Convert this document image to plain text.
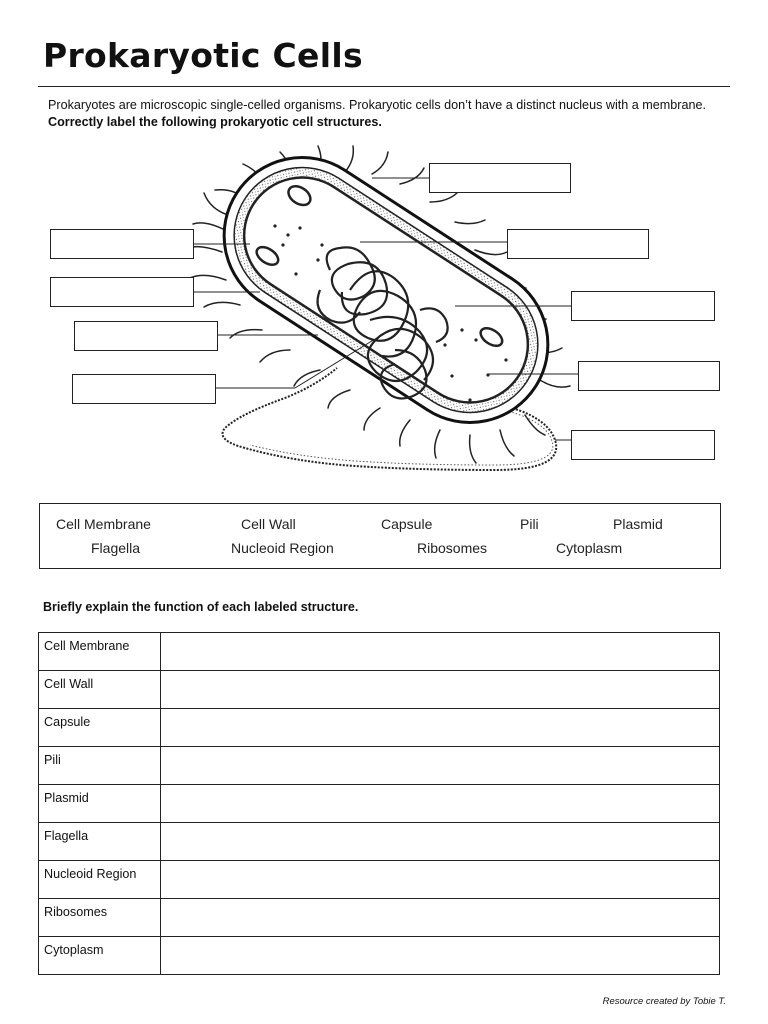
Prokaryotic Cells
Prokaryotes are microscopic single-celled organisms. Prokaryotic cells don’t have a distinct nucleus with a membrane. Correctly label the following prokaryotic cell structures.
Cell Membrane	Cell Wall	Capsule	Pili	Plasmid
Flagella	Nucleoid Region	Ribosomes	Cytoplasm
Briefly explain the function of each labeled structure.
Cell Membrane	
Cell Wall	
Capsule	
Pili	
Plasmid	
Flagella	
Nucleoid Region	
Ribosomes	
Cytoplasm	
Resource created by Tobie T.
